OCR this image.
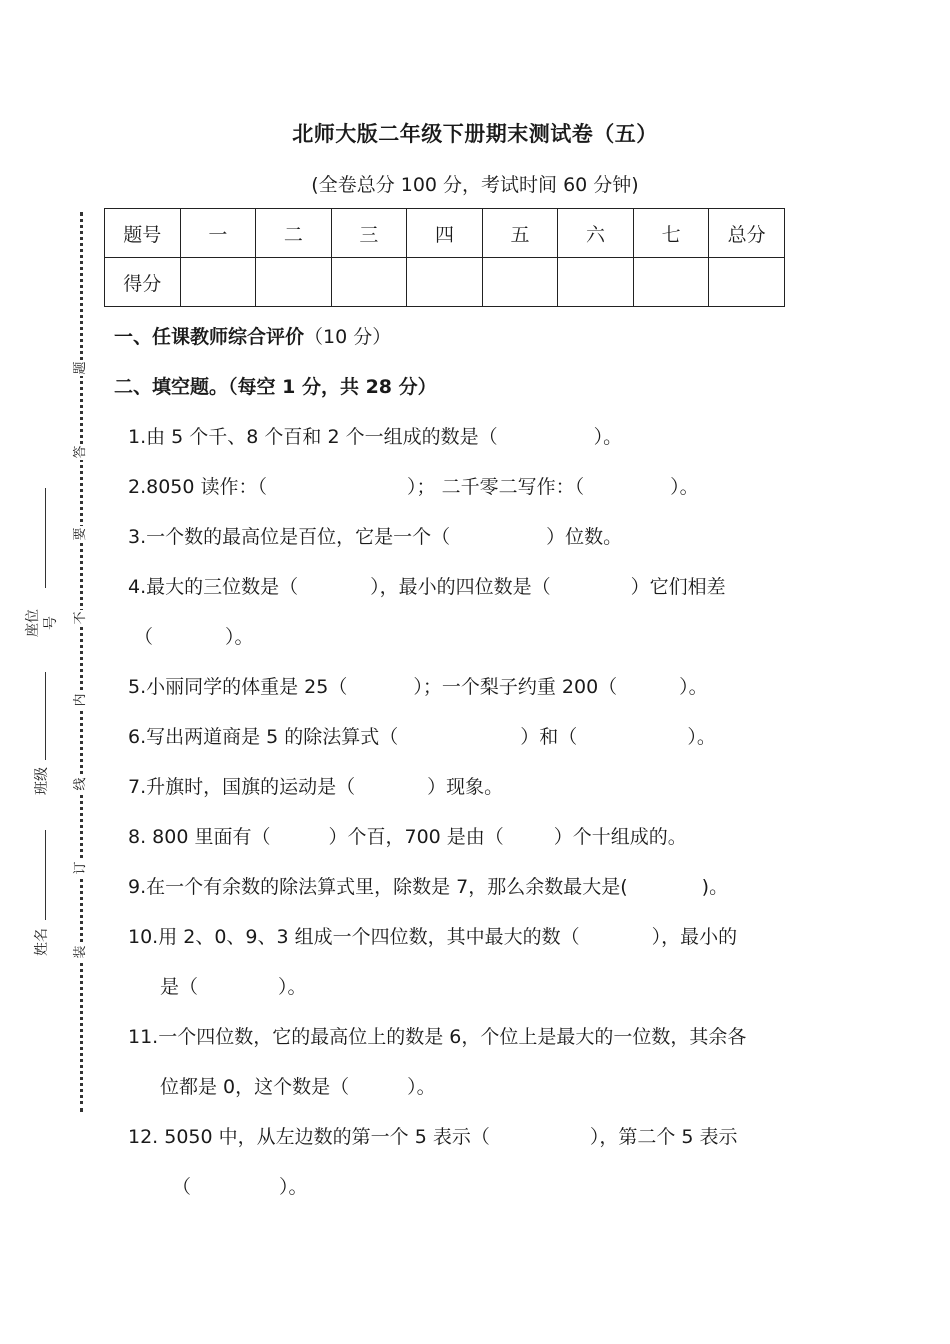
题
答
要
不
内
线
订
装
座位号
班级
姓名
北师大版二年级下册期末测试卷（五）
(全卷总分 100 分，考试时间 60 分钟)
题号	一	二	三	四	五	六	七	总分
得分								
一、任课教师综合评价（10 分）
二、填空题。（每空 1 分，共 28 分）
1.由 5 个千、8 个百和 2 个一组成的数是（	）。
2.8050 读作：（	）； 二千零二写作：（	）。
3.一个数的最高位是百位，它是一个（	）位数。
4.最大的三位数是（	），最小的四位数是（	）它们相差
（	）。
5.小丽同学的体重是 25（	）；一个梨子约重 200（	）。
6.写出两道商是 5 的除法算式（	）和（	）。
7.升旗时，国旗的运动是（	）现象。
8. 800 里面有（	）个百，700 是由（	）个十组成的。
9.在一个有余数的除法算式里，除数是 7，那么余数最大是(	)。
10.用 2、0、9、3 组成一个四位数，其中最大的数（	），最小的
是（	）。
11.一个四位数，它的最高位上的数是 6，个位上是最大的一位数，其余各
位都是 0，这个数是（	）。
12. 5050 中，从左边数的第一个 5 表示（	），第二个 5 表示
（	）。
